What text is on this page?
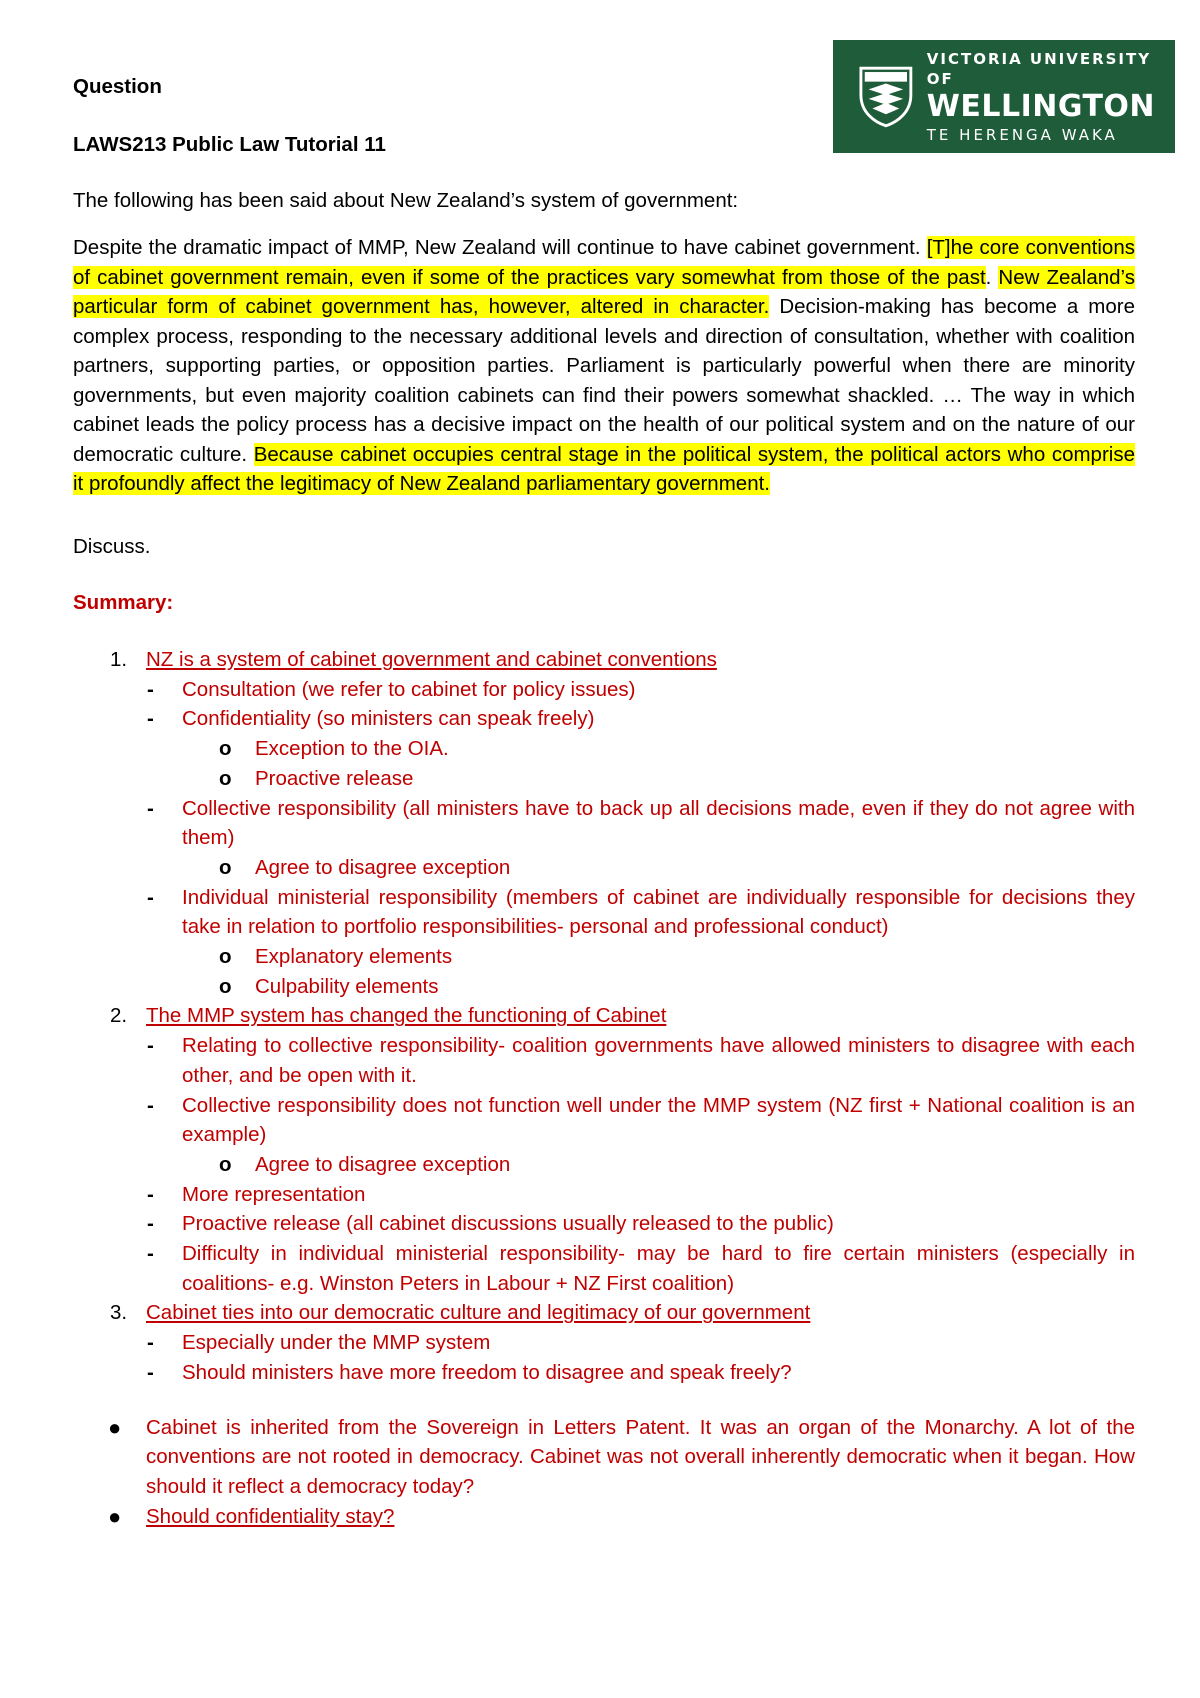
VICTORIA UNIVERSITY OF
WELLINGTON
TE HERENGA WAKA
Question
LAWS213 Public Law Tutorial 11
The following has been said about New Zealand’s system of government:

Despite the dramatic impact of MMP, New Zealand will continue to have cabinet government. [T]he core conventions of cabinet government remain, even if some of the practices vary somewhat from those of the past. New Zealand’s particular form of cabinet government has, however, altered in character. Decision-making has become a more complex process, responding to the necessary additional levels and direction of consultation, whether with coalition partners, supporting parties, or opposition parties. Parliament is particularly powerful when there are minority governments, but even majority coalition cabinets can find their powers somewhat shackled. … The way in which cabinet leads the policy process has a decisive impact on the health of our political system and on the nature of our democratic culture. Because cabinet occupies central stage in the political system, the political actors who comprise it profoundly affect the legitimacy of New Zealand parliamentary government.

Discuss.
Summary:
1. NZ is a system of cabinet government and cabinet conventions
- Consultation (we refer to cabinet for policy issues)
- Confidentiality (so ministers can speak freely)
o Exception to the OIA.
o Proactive release
- Collective responsibility (all ministers have to back up all decisions made, even if they do not agree with them)
o Agree to disagree exception
- Individual ministerial responsibility (members of cabinet are individually responsible for decisions they take in relation to portfolio responsibilities- personal and professional conduct)
o Explanatory elements
o Culpability elements
2. The MMP system has changed the functioning of Cabinet
- Relating to collective responsibility- coalition governments have allowed ministers to disagree with each other, and be open with it.
- Collective responsibility does not function well under the MMP system (NZ first + National coalition is an example)
o Agree to disagree exception
- More representation
- Proactive release (all cabinet discussions usually released to the public)
- Difficulty in individual ministerial responsibility- may be hard to fire certain ministers (especially in coalitions- e.g. Winston Peters in Labour + NZ First coalition)
3. Cabinet ties into our democratic culture and legitimacy of our government
- Especially under the MMP system
- Should ministers have more freedom to disagree and speak freely?
● Cabinet is inherited from the Sovereign in Letters Patent. It was an organ of the Monarchy. A lot of the conventions are not rooted in democracy. Cabinet was not overall inherently democratic when it began. How should it reflect a democracy today?
● Should confidentiality stay?
